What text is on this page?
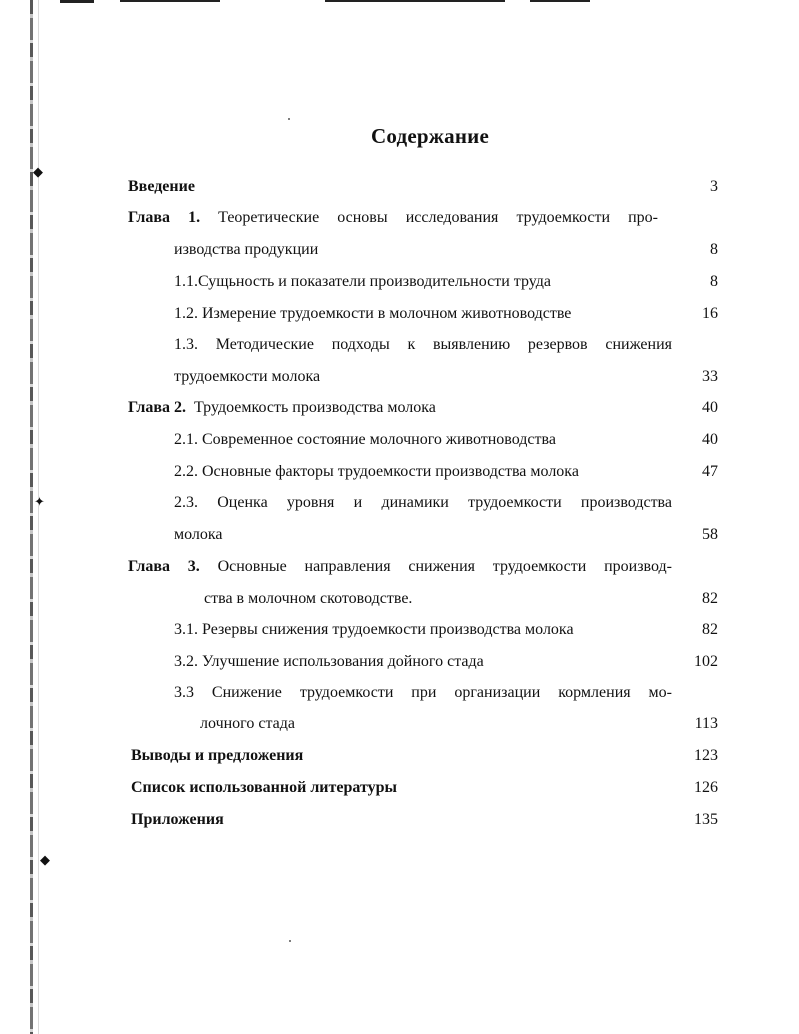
◆
✦
◆
Содержание
Введение	3
Глава 1. Теоретические основы исследования трудоемкости про-
изводства продукции	8
1.1.Сущьность и показатели производительности труда	8
1.2. Измерение трудоемкости в молочном животноводстве	16
1.3. Методические подходы к выявлению резервов снижения
трудоемкости молока	33
Глава 2. Трудоемкость производства молока	40
2.1. Современное состояние молочного животноводства	40
2.2. Основные факторы трудоемкости производства молока	47
2.3. Оценка уровня и динамики трудоемкости производства
молока	58
Глава 3. Основные направления снижения трудоемкости производ-
ства в молочном скотоводстве.	82
3.1. Резервы снижения трудоемкости производства молока	82
3.2. Улучшение использования дойного стада	102
3.3 Снижение трудоемкости при организации кормления мо-
лочного стада	113
Выводы и предложения	123
Список использованной литературы	126
Приложения	135
